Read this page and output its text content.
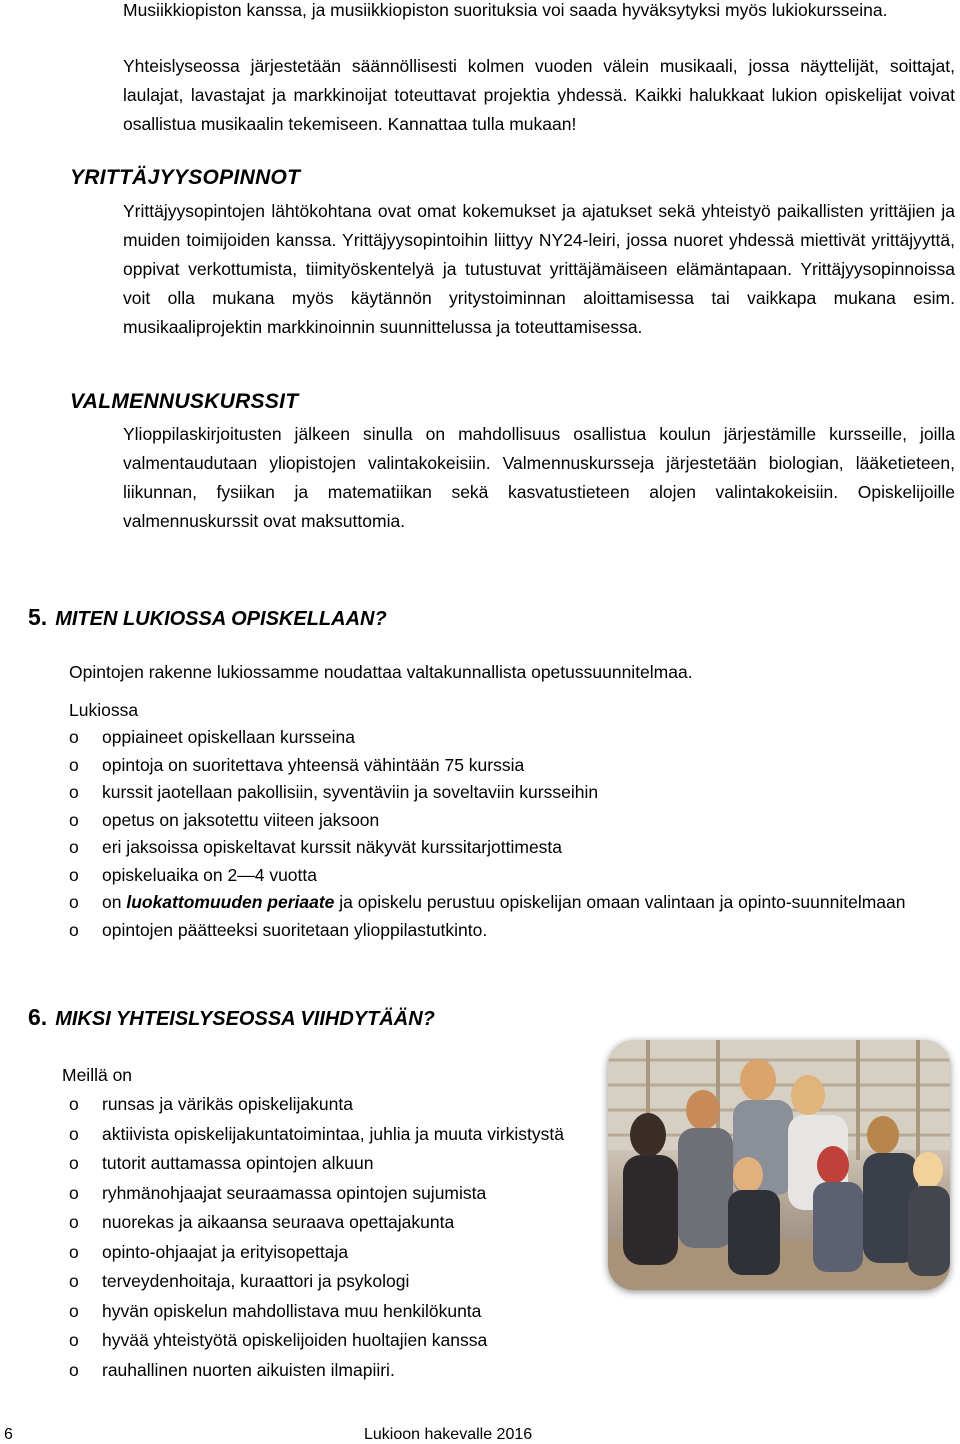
Musiikkiopiston kanssa, ja musiikkiopiston suorituksia voi saada hyväksytyksi myös lukiokursseina.

Yhteislyseossa järjestetään säännöllisesti kolmen vuoden välein musikaali, jossa näyttelijät, soittajat, laulajat, lavastajat ja markkinoijat toteuttavat projektia yhdessä. Kaikki halukkaat lukion opiskelijat voivat osallistua musikaalin tekemiseen. Kannattaa tulla mukaan!

YRITTÄJYYSOPINNOT

Yrittäjyysopintojen lähtökohtana ovat omat kokemukset ja ajatukset sekä yhteistyö paikallisten yrittäjien ja muiden toimijoiden kanssa. Yrittäjyysopintoihin liittyy NY24-leiri, jossa nuoret yhdessä miettivät yrittäjyyttä, oppivat verkottumista, tiimityöskentelyä ja tutustuvat yrittäjämäiseen elämäntapaan. Yrittäjyysopinnoissa voit olla mukana myös käytännön yritystoiminnan aloittamisessa tai vaikkapa mukana esim. musikaaliprojektin markkinoinnin suunnittelussa ja toteuttamisessa.

VALMENNUSKURSSIT

Ylioppilaskirjoitusten jälkeen sinulla on mahdollisuus osallistua koulun järjestämille kursseille, joilla valmentaudutaan yliopistojen valintakokeisiin. Valmennuskursseja järjestetään biologian, lääketieteen, liikunnan, fysiikan ja matematiikan sekä kasvatustieteen alojen valintakokeisiin. Opiskelijoille valmennuskurssit ovat maksuttomia.

5. MITEN LUKIOSSA OPISKELLAAN?

Opintojen rakenne lukiossamme noudattaa valtakunnallista opetussuunnitelmaa.

Lukiossa

o oppiaineet opiskellaan kursseina
o opintoja on suoritettava yhteensä vähintään 75 kurssia
o kurssit jaotellaan pakollisiin, syventäviin ja soveltaviin kursseihin
o opetus on jaksotettu viiteen jaksoon
o eri jaksoissa opiskeltavat kurssit näkyvät kurssitarjottimesta
o opiskeluaika on 2—4 vuotta
o on luokattomuuden periaate ja opiskelu perustuu opiskelijan omaan valintaan ja opinto-suunnitelmaan
o opintojen päätteeksi suoritetaan ylioppilastutkinto.
6. MIKSI YHTEISLYSEOSSA VIIHDYTÄÄN?

Meillä on

o runsas ja värikäs opiskelijakunta
o aktiivista opiskelijakuntatoimintaa, juhlia ja muuta virkistystä
o tutorit auttamassa opintojen alkuun
o ryhmänohjaajat seuraamassa opintojen sujumista
o nuorekas ja aikaansa seuraava opettajakunta
o opinto-ohjaajat ja erityisopettaja
o terveydenhoitaja, kuraattori ja psykologi
o hyvän opiskelun mahdollistava muu henkilökunta
o hyvää yhteistyötä opiskelijoiden huoltajien kanssa
o rauhallinen nuorten aikuisten ilmapiiri.

6	Lukioon hakevalle 2016
